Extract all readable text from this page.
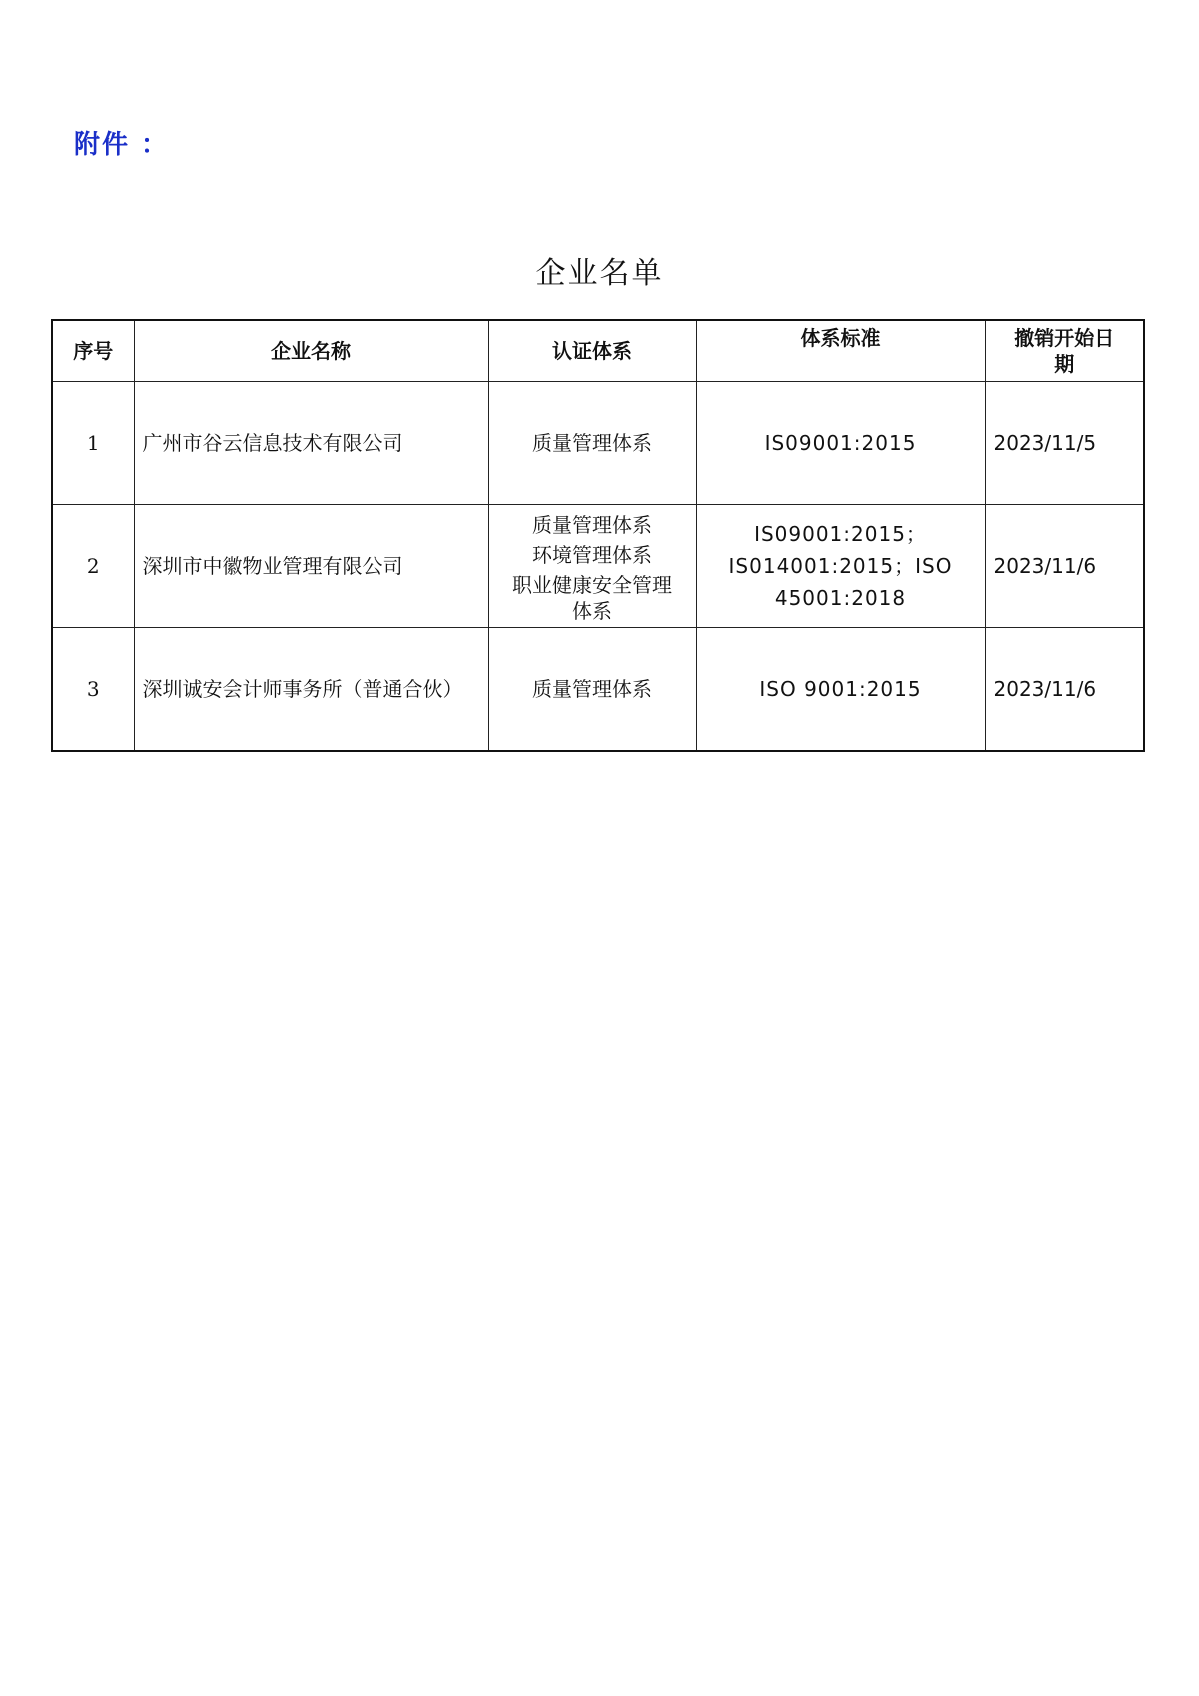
附件 ：
企业名单
序号	企业名称	认证体系	体系标准	撤销开始日
期

1	广州市谷云信息技术有限公司	质量管理体系	IS09001:2015	2023/11/5
2	深圳市中徽物业管理有限公司	质量管理体系
环境管理体系
职业健康安全管理
体系	IS09001:2015；
IS014001:2015；ISO
45001:2018	2023/11/6
3	深圳诚安会计师事务所（普通合伙）	质量管理体系	ISO 9001:2015	2023/11/6
